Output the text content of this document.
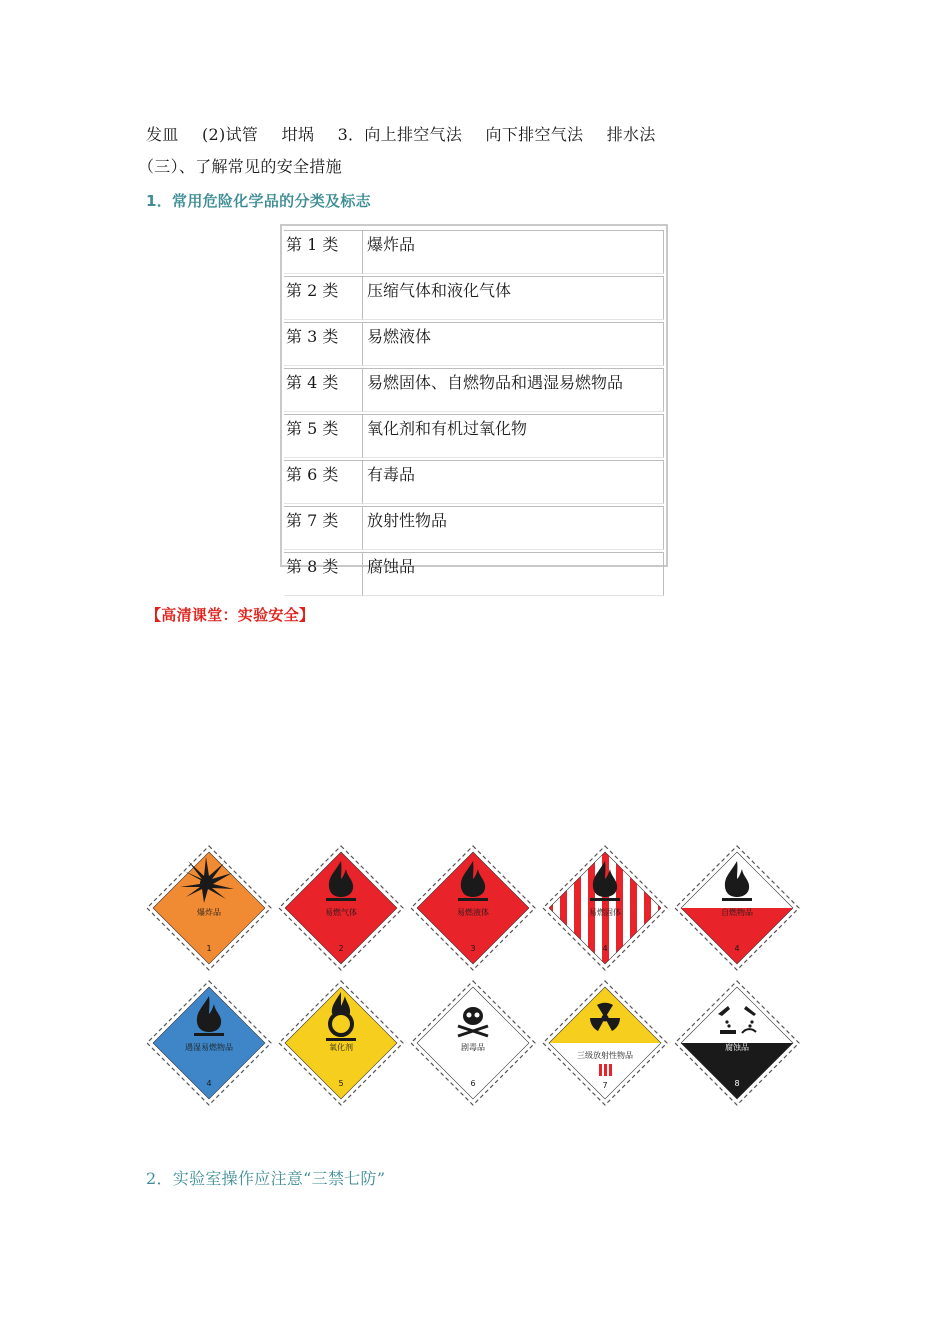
发皿 (2)试管 坩埚 3．向上排空气法 向下排空气法 排水法
（三）、了解常见的安全措施
1．常用危险化学品的分类及标志
第 1 类	爆炸品
第 2 类	压缩气体和液化气体
第 3 类	易燃液体
第 4 类	易燃固体、自燃物品和遇湿易燃物品
第 5 类	氧化剂和有机过氧化物
第 6 类	有毒品
第 7 类	放射性物品
第 8 类	腐蚀品
【高清课堂：实验安全】
爆炸品
1
易燃气体
2
易燃液体
3
易燃固体
4
自燃物品
4
遇湿易燃物品
4
氧化剂
5
剧毒品
6
三级放射性物品
7
腐蚀品
8
2．实验室操作应注意“三禁七防”
